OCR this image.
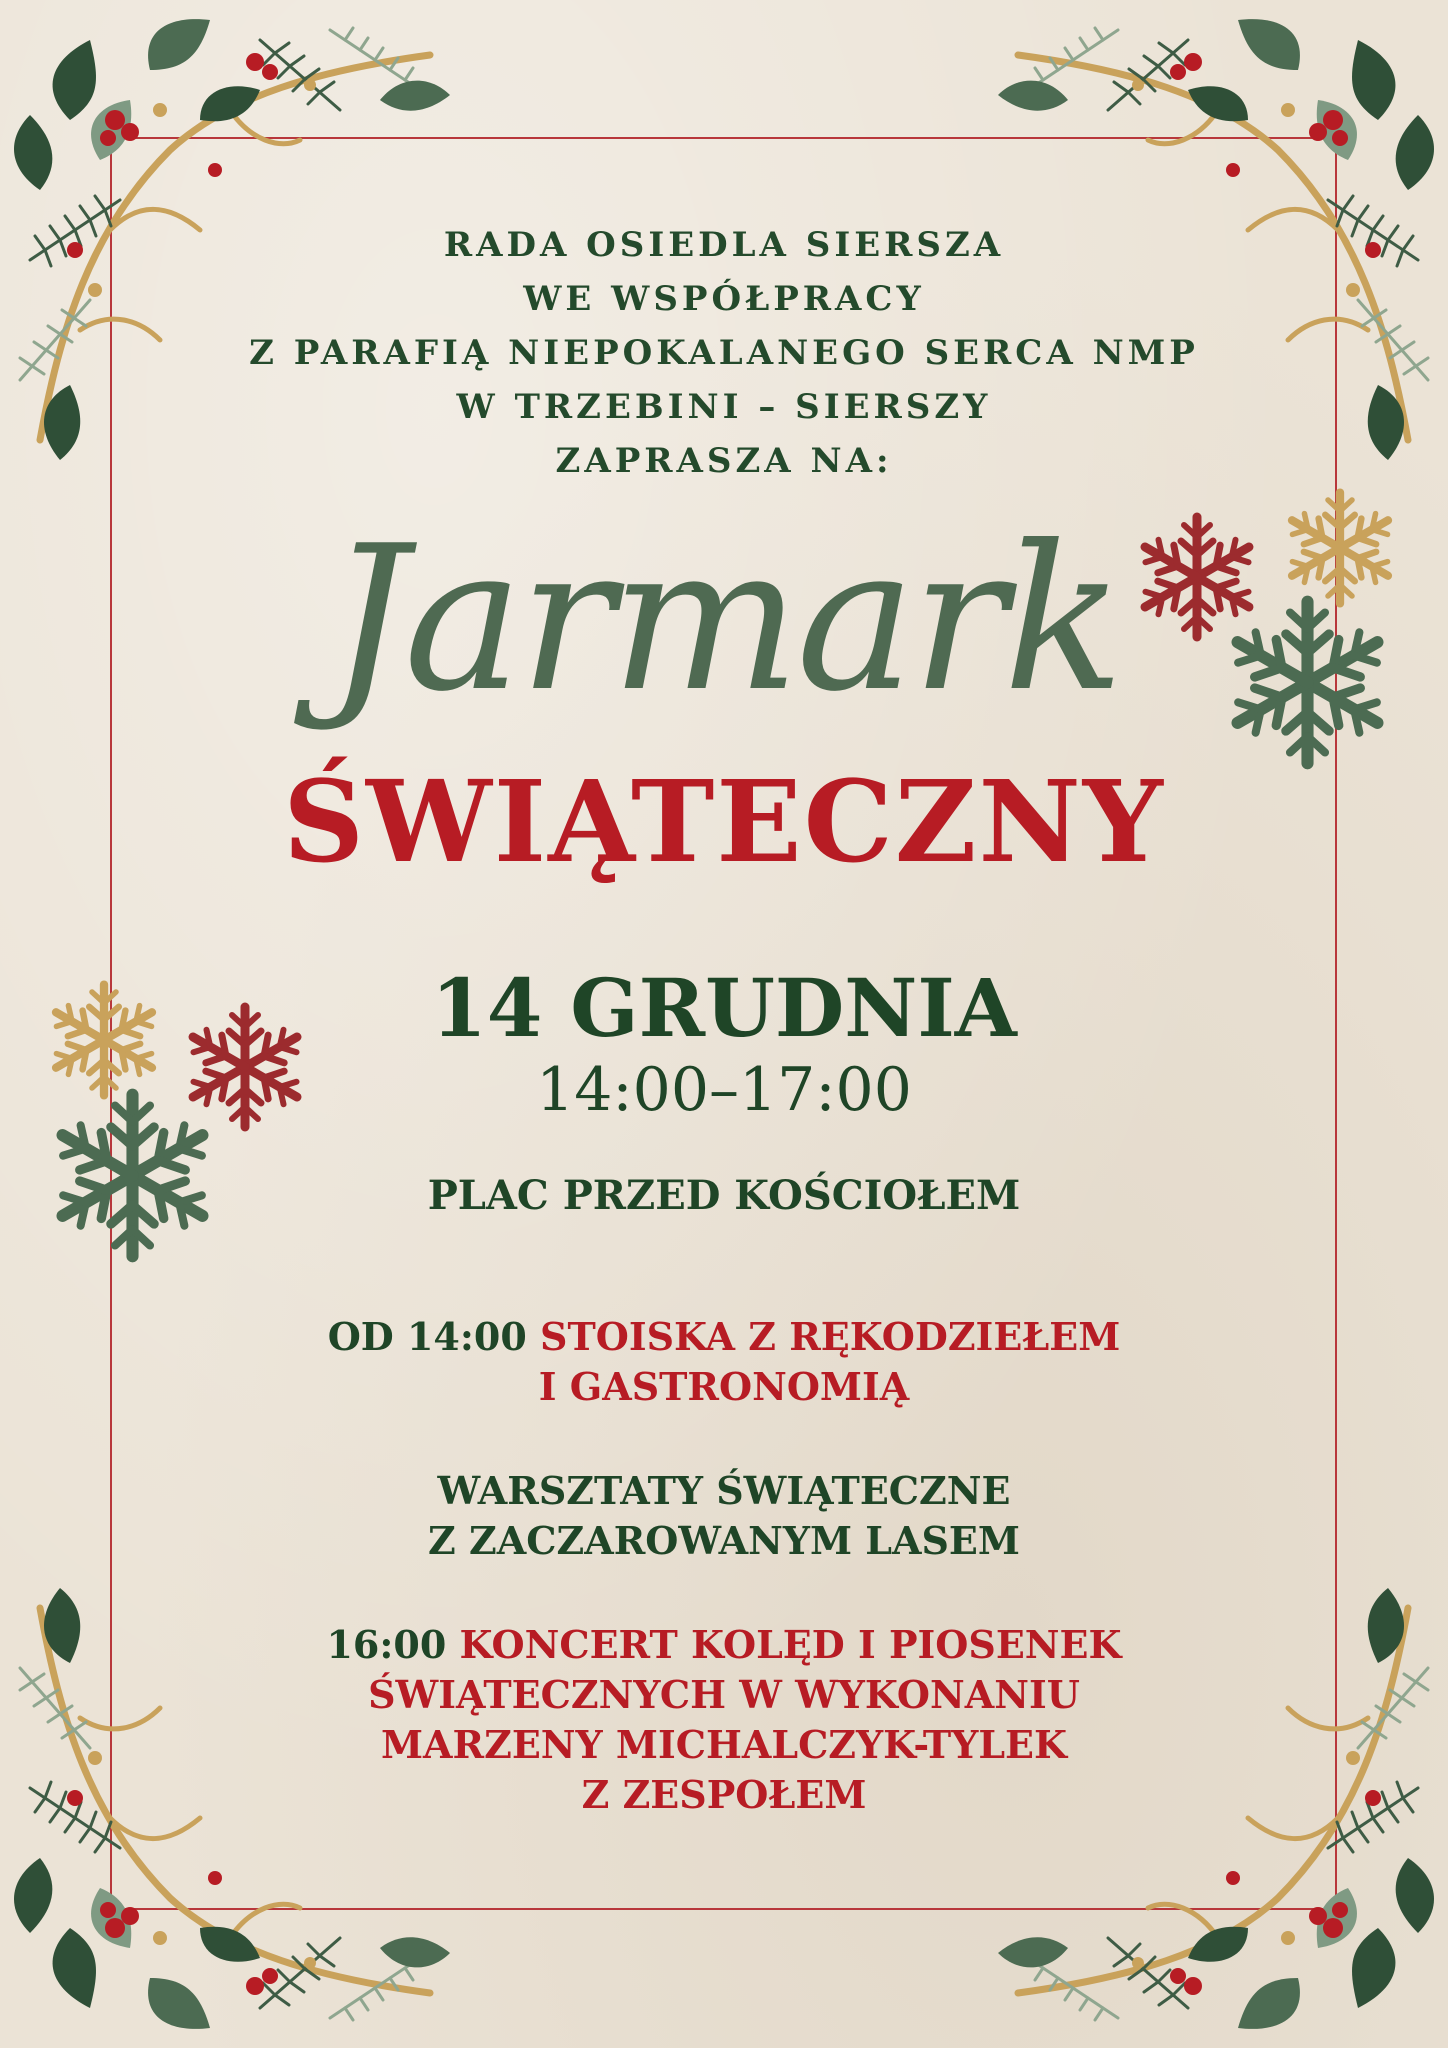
RADA OSIEDLA SIERSZA
WE WSPÓŁPRACY
Z PARAFIĄ NIEPOKALANEGO SERCA NMP
W TRZEBINI – SIERSZY
ZAPRASZA NA:
Jarmark
ŚWIĄTECZNY
14 GRUDNIA
14:00–17:00
PLAC PRZED KOŚCIOŁEM
OD 14:00 STOISKA Z RĘKODZIEŁEM
I GASTRONOMIĄ
WARSZTATY ŚWIĄTECZNE
Z ZACZAROWANYM LASEM
16:00 KONCERT KOLĘD I PIOSENEK
ŚWIĄTECZNYCH W WYKONANIU
MARZENY MICHALCZYK-TYLEK
Z ZESPOŁEM
